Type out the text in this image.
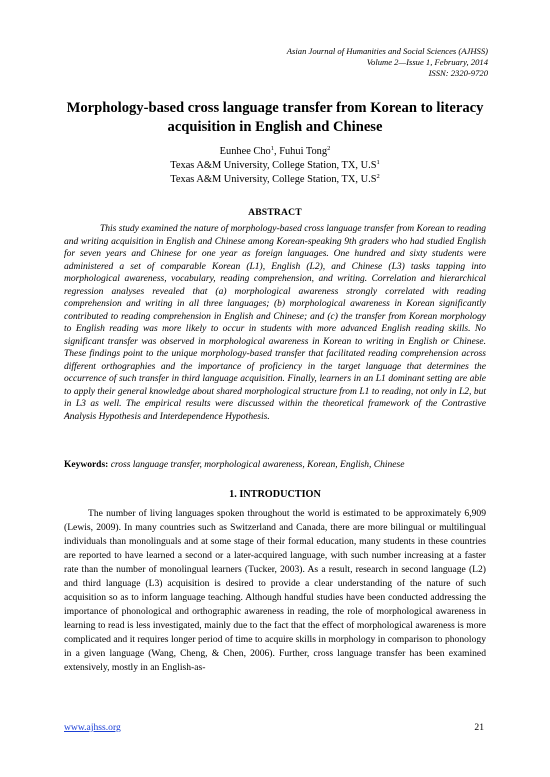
Asian Journal of Humanities and Social Sciences (AJHSS)
Volume 2—Issue 1, February, 2014
ISSN: 2320-9720
Morphology-based cross language transfer from Korean to literacy
acquisition in English and Chinese
Eunhee Cho$^1$, Fuhui Tong$^2$
Texas A&M University, College Station, TX, $U.S^1$
Texas A&M University, College Station, TX, $U.S^2$
ABSTRACT

This study examined the nature of morphology-based cross language transfer from Korean to reading and writing acquisition in English and Chinese among Korean-speaking 9th graders who had studied English for seven years and Chinese for one year as foreign languages. One hundred and sixty students were administered a set of comparable Korean (L1), English (L2), and Chinese (L3) tasks tapping into morphological awareness, vocabulary, reading comprehension, and writing. Correlation and hierarchical regression analyses revealed that (a) morphological awareness strongly correlated with reading comprehension and writing in all three languages; (b) morphological awareness in Korean significantly contributed to reading comprehension in English and Chinese; and (c) the transfer from Korean morphology to English reading was more likely to occur in students with more advanced English reading skills. No significant transfer was observed in morphological awareness in Korean to writing in English or Chinese. These findings point to the unique morphology-based transfer that facilitated reading comprehension across different orthographies and the importance of proficiency in the target language that determines the occurrence of such transfer in third language acquisition. Finally, learners in an L1 dominant setting are able to apply their general knowledge about shared morphological structure from L1 to reading, not only in L2, but in L3 as well. The empirical results were discussed within the theoretical framework of the Contrastive Analysis Hypothesis and Interdependence Hypothesis.

Keywords: cross language transfer, morphological awareness, Korean, English, Chinese

1. INTRODUCTION

The number of living languages spoken throughout the world is estimated to be approximately 6,909 (Lewis, 2009). In many countries such as Switzerland and Canada, there are more bilingual or multilingual individuals than monolinguals and at some stage of their formal education, many students in these countries are reported to have learned a second or a later-acquired language, with such number increasing at a faster rate than the number of monolingual learners (Tucker, 2003). As a result, research in second language (L2) and third language (L3) acquisition is desired to provide a clear understanding of the nature of such acquisition so as to inform language teaching. Although handful studies have been conducted addressing the importance of phonological and orthographic awareness in reading, the role of morphological awareness in learning to read is less investigated, mainly due to the fact that the effect of morphological awareness is more complicated and it requires longer period of time to acquire skills in morphology in comparison to phonology in a given language (Wang, Cheng, & Chen, 2006). Further, cross language transfer has been examined extensively, mostly in an English-as-

www.ajhss.org	21
